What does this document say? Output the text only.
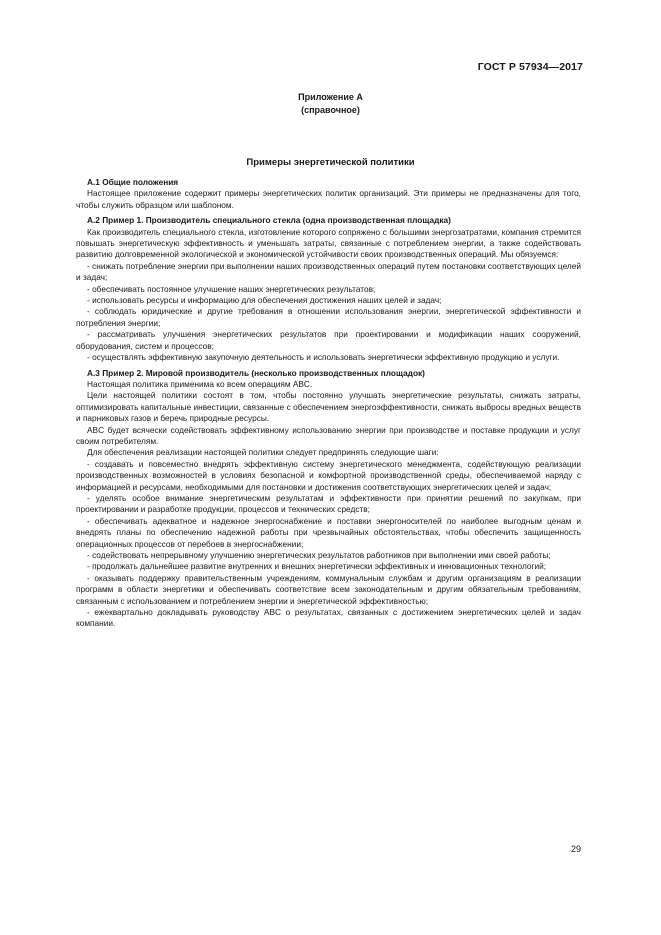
ГОСТ Р 57934—2017
Приложение А
(справочное)
Примеры энергетической политики

А.1 Общие положения

Настоящее приложение содержит примеры энергетических политик организаций. Эти примеры не предназначены для того, чтобы служить образцом или шаблоном.

А.2 Пример 1. Производитель специального стекла (одна производственная площадка)

Как производитель специального стекла, изготовление которого сопряжено с большими энергозатратами, компания стремится повышать энергетическую эффективность и уменьшать затраты, связанные с потреблением энергии, а также содействовать развитию долговременной экологической и экономической устойчивости своих производственных операций. Мы обязуемся:

- снижать потребление энергии при выполнении наших производственных операций путем постановки соответствующих целей и задач;

- обеспечивать постоянное улучшение наших энергетических результатов;

- использовать ресурсы и информацию для обеспечения достижения наших целей и задач;

- соблюдать юридические и другие требования в отношении использования энергии, энергетической эффективности и потребления энергии;

- рассматривать улучшения энергетических результатов при проектировании и модификации наших сооружений, оборудования, систем и процессов;

- осуществлять эффективную закупочную деятельность и использовать энергетически эффективную продукцию и услуги.

А.3 Пример 2. Мировой производитель (несколько производственных площадок)

Настоящая политика применима ко всем операциям ABC.

Цели настоящей политики состоят в том, чтобы постоянно улучшать энергетические результаты, снижать затраты, оптимизировать капитальные инвестиции, связанные с обеспечением энергоэффективности, снижать выбросы вредных веществ и парниковых газов и беречь природные ресурсы.

ABC будет всячески содействовать эффективному использованию энергии при производстве и поставке продукции и услуг своим потребителям.

Для обеспечения реализации настоящей политики следует предпринять следующие шаги:

- создавать и повсеместно внедрять эффективную систему энергетического менеджмента, содействующую реализации производственных возможностей в условиях безопасной и комфортной производственной среды, обеспечиваемой наряду с информацией и ресурсами, необходимыми для постановки и достижения соответствующих энергетических целей и задач;

- уделять особое внимание энергетическим результатам и эффективности при принятии решений по закупкам, при проектировании и разработке продукции, процессов и технических средств;

- обеспечивать адекватное и надежное энергоснабжение и поставки энергоносителей по наиболее выгодным ценам и внедрять планы по обеспечению надежной работы при чрезвычайных обстоятельствах, чтобы обеспечить защищенность операционных процессов от перебоев в энергоснабжении;

- содействовать непрерывному улучшению энергетических результатов работников при выполнении ими своей работы;

- продолжать дальнейшее развитие внутренних и внешних энергетически эффективных и инновационных технологий;

- оказывать поддержку правительственным учреждениям, коммунальным службам и другим организациям в реализации программ в области энергетики и обеспечивать соответствие всем законодательным и другим обязательным требованиям, связанным с использованием и потреблением энергии и энергетической эффективностью;

- ежеквартально докладывать руководству ABC о результатах, связанных с достижением энергетических целей и задач компании.

29
